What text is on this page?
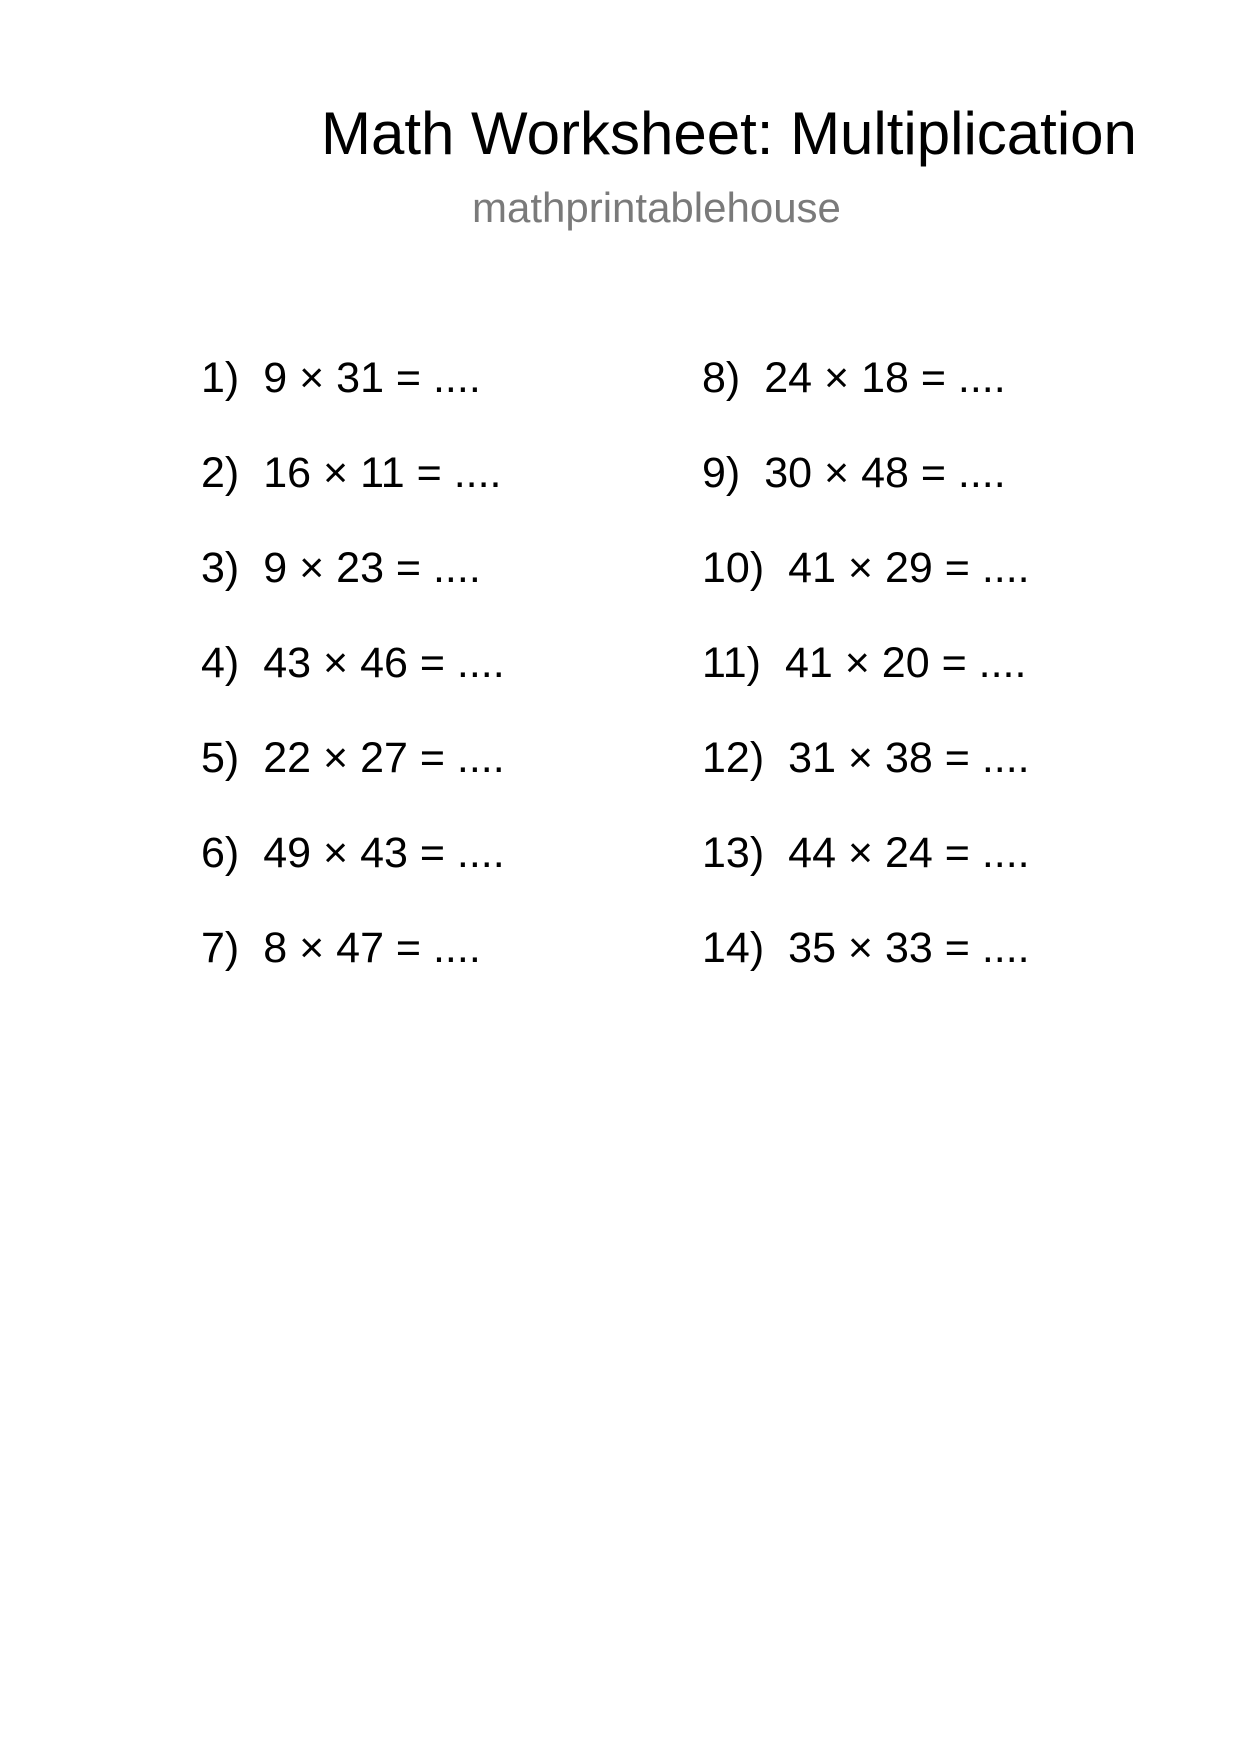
Math Worksheet: Multiplication
mathprintablehouse
1) 9 × 31 = ....
2) 16 × 11 = ....
3) 9 × 23 = ....
4) 43 × 46 = ....
5) 22 × 27 = ....
6) 49 × 43 = ....
7) 8 × 47 = ....
8) 24 × 18 = ....
9) 30 × 48 = ....
10) 41 × 29 = ....
11) 41 × 20 = ....
12) 31 × 38 = ....
13) 44 × 24 = ....
14) 35 × 33 = ....
